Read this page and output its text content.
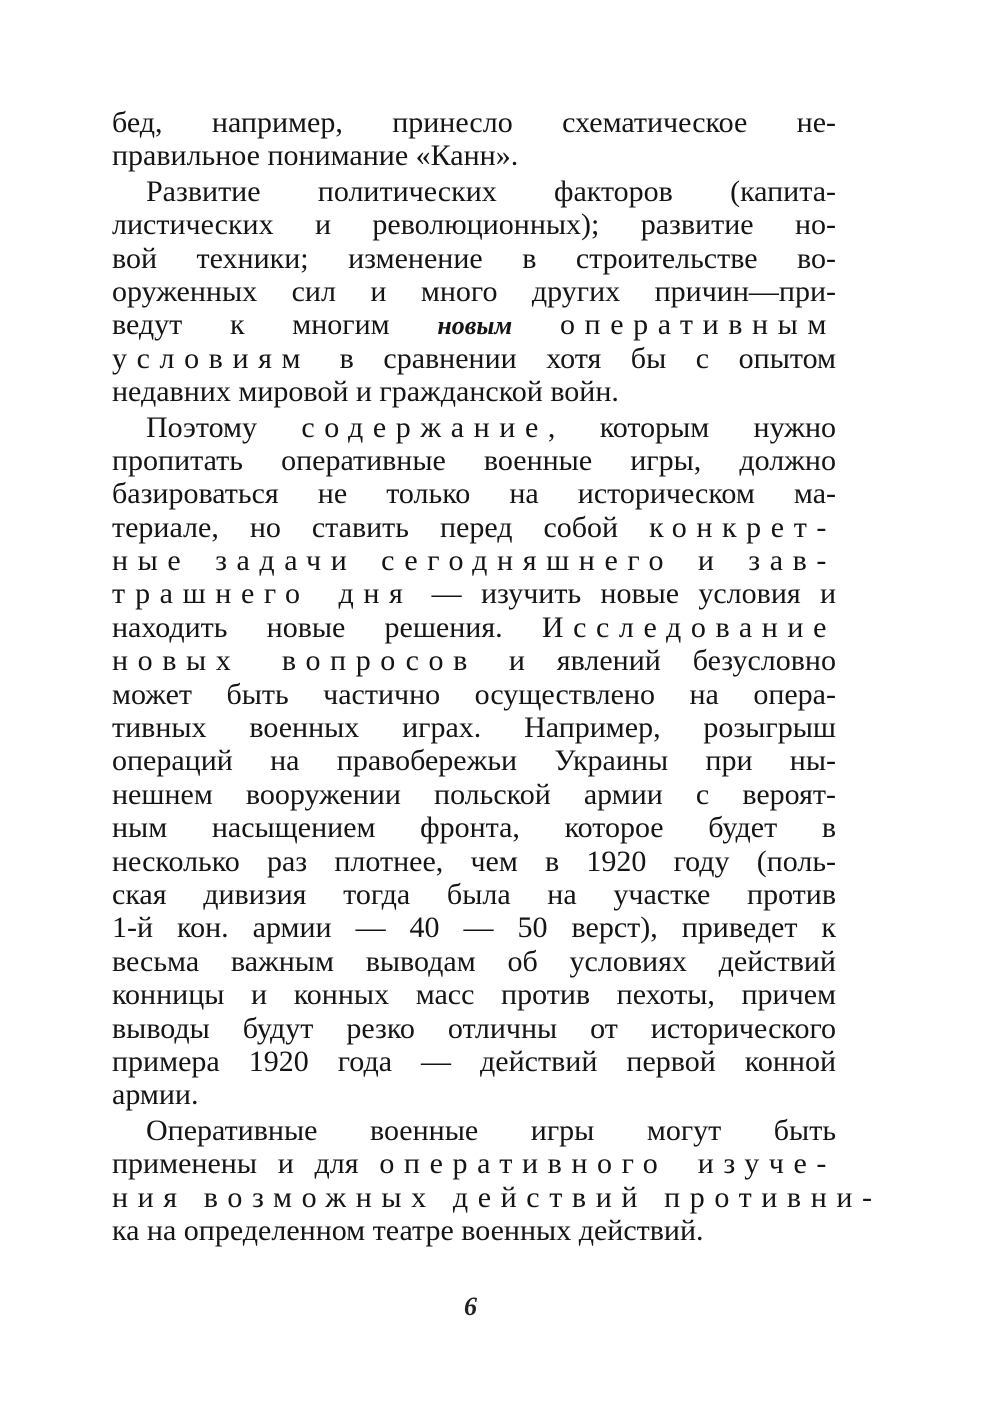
бед, например, принесло схематическое не-
правильное понимание «Канн».
Развитие политических факторов (капита-
листических и революционных); развитие но-
вой техники; изменение в строительстве во-
оруженных сил и много других причин—при-
ведут к многим новым оперативным
условиям в сравнении хотя бы с опытом
недавних мировой и гражданской войн.
Поэтому содержание, которым нужно
пропитать оперативные военные игры, должно
базироваться не только на историческом ма-
териале, но ставить перед собой конкрет-
ные задачи сегодняшнего и зав-
трашнего дня — изучить новые условия и
находить новые решения. Исследование
новых вопросов и явлений безусловно
может быть частично осуществлено на опера-
тивных военных играх. Например, розыгрыш
операций на правобережьи Украины при ны-
нешнем вооружении польской армии с вероят-
ным насыщением фронта, которое будет в
несколько раз плотнее, чем в 1920 году (поль-
ская дивизия тогда была на участке против
1-й кон. армии — 40 — 50 верст), приведет к
весьма важным выводам об условиях действий
конницы и конных масс против пехоты, причем
выводы будут резко отличны от исторического
примера 1920 года — действий первой конной
армии.
Оперативные военные игры могут быть
применены и для оперативного изуче-
ния возможных действий противни-
ка на определенном театре военных действий.
6
